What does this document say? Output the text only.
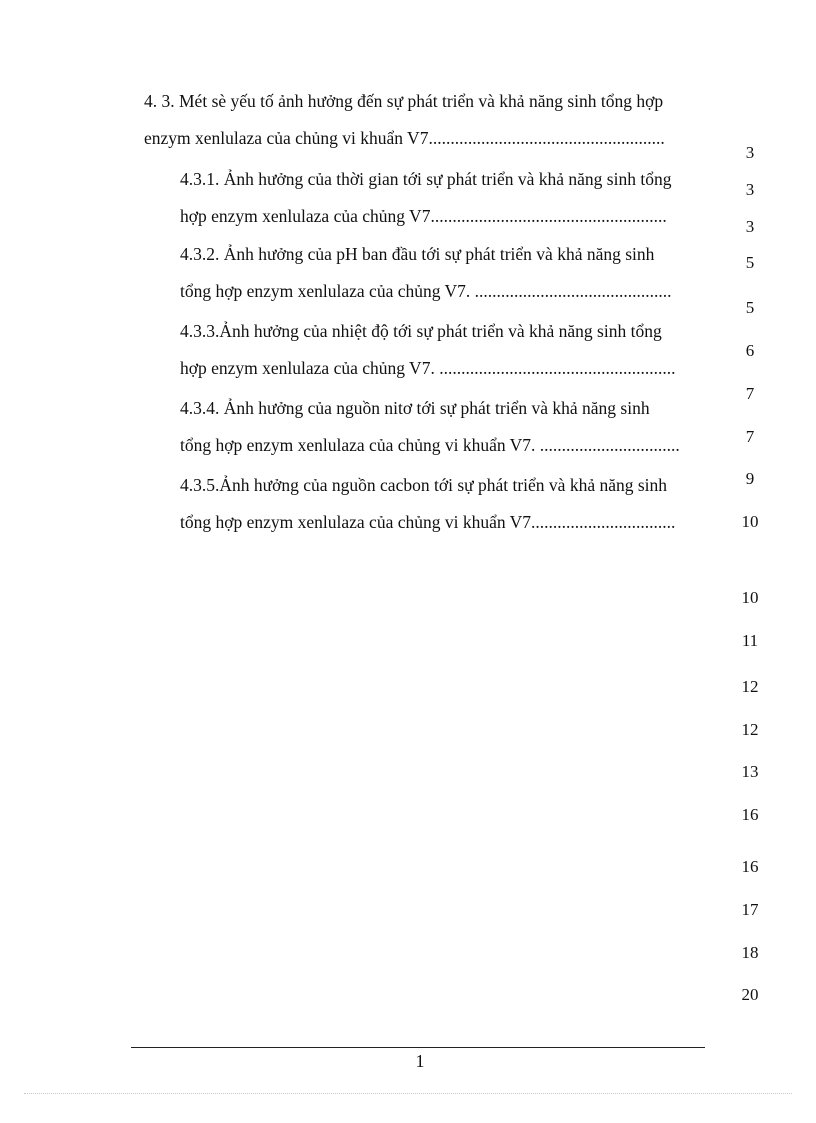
4. 3. Mét sè yếu tố ảnh hưởng đến sự phát triển và khả năng sinh tổng hợp
enzym xenlulaza của chủng vi khuẩn V7......................................................
4.3.1. Ảnh hưởng của thời gian tới sự phát triển và khả năng sinh tổng
hợp enzym xenlulaza của chủng V7......................................................
4.3.2. Ảnh hưởng của pH ban đầu tới sự phát triển và khả năng sinh
tổng hợp enzym xenlulaza của chủng V7. .............................................
4.3.3.Ảnh hưởng của nhiệt độ tới sự phát triển và khả năng sinh tổng
hợp enzym xenlulaza của chủng V7. ......................................................
4.3.4. Ảnh hưởng của nguồn nitơ tới sự phát triển và khả năng sinh
tổng hợp enzym xenlulaza của chủng vi khuẩn V7. ................................
4.3.5.Ảnh hưởng của nguồn cacbon tới sự phát triển và khả năng sinh
tổng hợp enzym xenlulaza của chủng vi khuẩn V7.................................
3
3
3
5
5
6
7
7
9
10
10
11
12
12
13
16
16
17
18
20
1
